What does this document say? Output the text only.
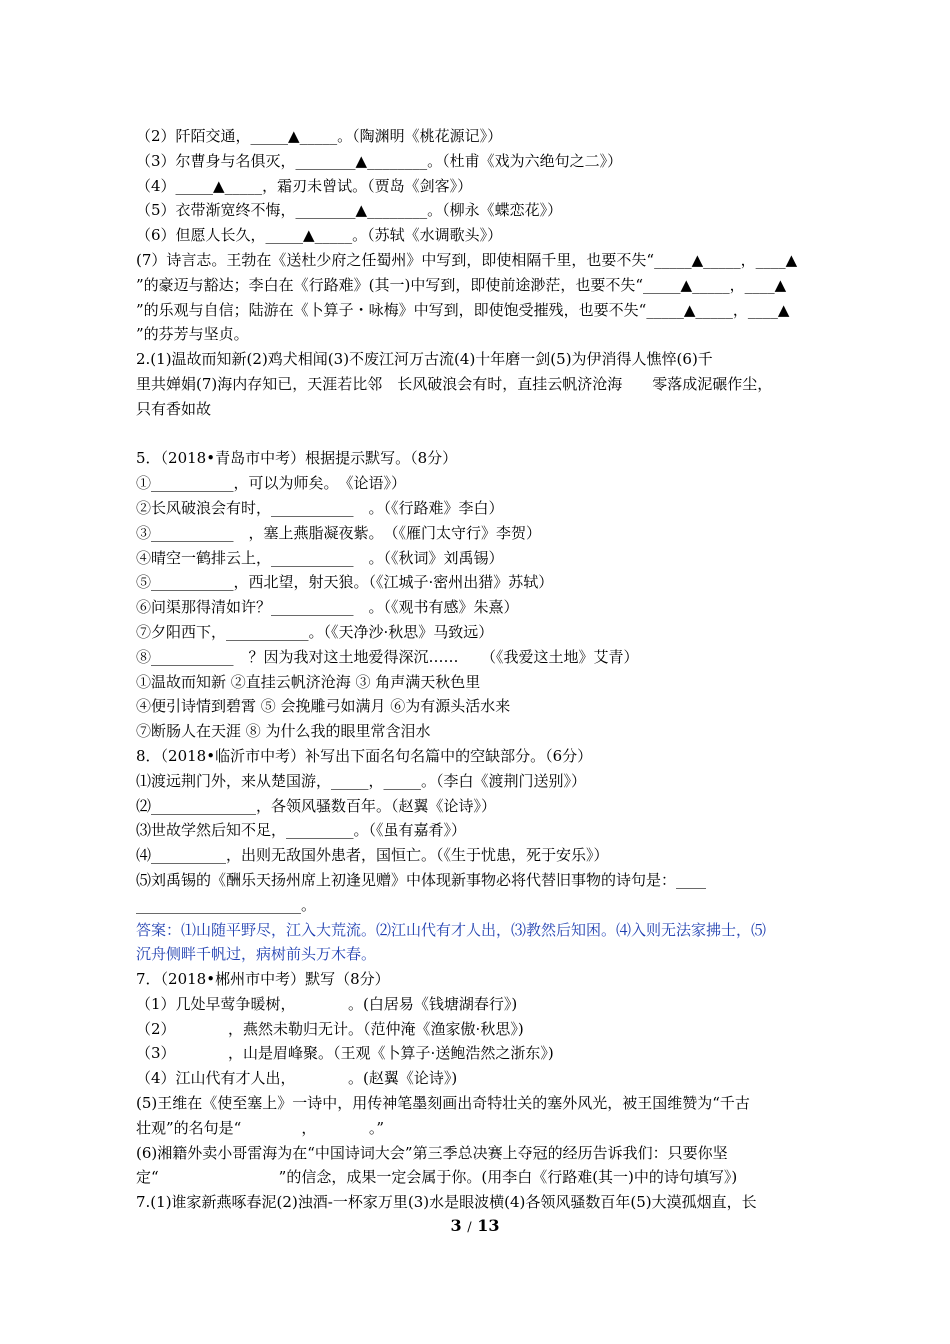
（2）阡陌交通，_____▲_____。（陶渊明《桃花源记》）
（3）尔曹身与名俱灭，________▲________。（杜甫《戏为六绝句之二》）
（4）_____▲_____，霜刃未曾试。（贾岛《剑客》）
（5）衣带渐宽终不悔，________▲________。（柳永《蝶恋花》）
（6）但愿人长久，_____▲_____。（苏轼《水调歌头》）
(7）诗言志。王勃在《送杜少府之任蜀州》中写到，即使相隔千里，也要不失“_____▲_____，____▲
”的豪迈与豁达；李白在《行路难》(其一)中写到，即使前途渺茫，也要不失“_____▲_____，____▲
”的乐观与自信；陆游在《卜算子・咏梅》中写到，即使饱受摧残，也要不失“_____▲_____，____▲
”的芬芳与坚贞。
2.(1)温故而知新(2)鸡犬相闻(3)不废江河万古流(4)十年磨一剑(5)为伊消得人憔悴(6)千
里共婵娟(7)海内存知已，天涯若比邻　长风破浪会有时，直挂云帆济沧海　　零落成泥碾作尘，
只有香如故
5．（2018•青岛市中考）根据提示默写。（8分）
①___________，可以为师矣。　《论语》）
②长风破浪会有时，___________　。（《行路难》李白）
③___________　，塞上燕脂凝夜紫。　（《雁门太守行》李贺）
④晴空一鹤排云上，___________　。（《秋词》刘禹锡）
⑤___________，西北望，射天狼。（《江城子·密州出猎》苏轼）
⑥问渠那得清如许？___________　。（《观书有感》朱熹）
⑦夕阳西下，___________。（《天净沙·秋思》马致远）
⑧___________　？因为我对这土地爱得深沉……　　（《我爱这土地》艾青）
①温故而知新 ②直挂云帆济沧海 ③ 角声满天秋色里
④便引诗情到碧霄 ⑤ 会挽雕弓如满月 ⑥为有源头活水来
⑦断肠人在天涯 ⑧ 为什么我的眼里常含泪水
8．（2018•临沂市中考）补写出下面名句名篇中的空缺部分。（6分）
⑴渡远荆门外，来从楚国游，_____，_____。（李白《渡荆门送别》）
⑵______________，各领风骚数百年。（赵翼《论诗》）
⑶世故学然后知不足，_________。（《虽有嘉肴》）
⑷__________，出则无敌国外患者，国恒亡。（《生于忧患，死于安乐》）
⑸刘禹锡的《酬乐天扬州席上初逢见赠》中体现新事物必将代替旧事物的诗句是：____
______________________。
答案：⑴山随平野尽，江入大荒流。⑵江山代有才人出，⑶教然后知困。⑷入则无法家拂士，⑸
沉舟侧畔千帆过，病树前头万木春。
7．（2018•郴州市中考）默写（8分）
（1）几处早莺争暖树，　　　　。(白居易《钱塘湖春行》)
（2）　　　　，燕然未勒归无计。（范仲淹《渔家傲·秋思》)
（3）　　　　，山是眉峰聚。（王观《卜算子·送鲍浩然之浙东》)
（4）江山代有才人出，　　　　。(赵翼《论诗》)
(5)王维在《使至塞上》一诗中，用传神笔墨刻画出奇特壮关的塞外风光，被王国维赞为“千古
壮观”的名句是“　　　　，　　　　。”
(6)湘籍外卖小哥雷海为在“中国诗词大会”第三季总决赛上夺冠的经历告诉我们：只要你坚
定“　　　　　　　　”的信念，成果一定会属于你。(用李白《行路难(其一)中的诗句填写》)
7.(1)谁家新燕啄春泥(2)浊酒-一杯家万里(3)水是眼波横(4)各领风骚数百年(5)大漠孤烟直，长
3 / 13
